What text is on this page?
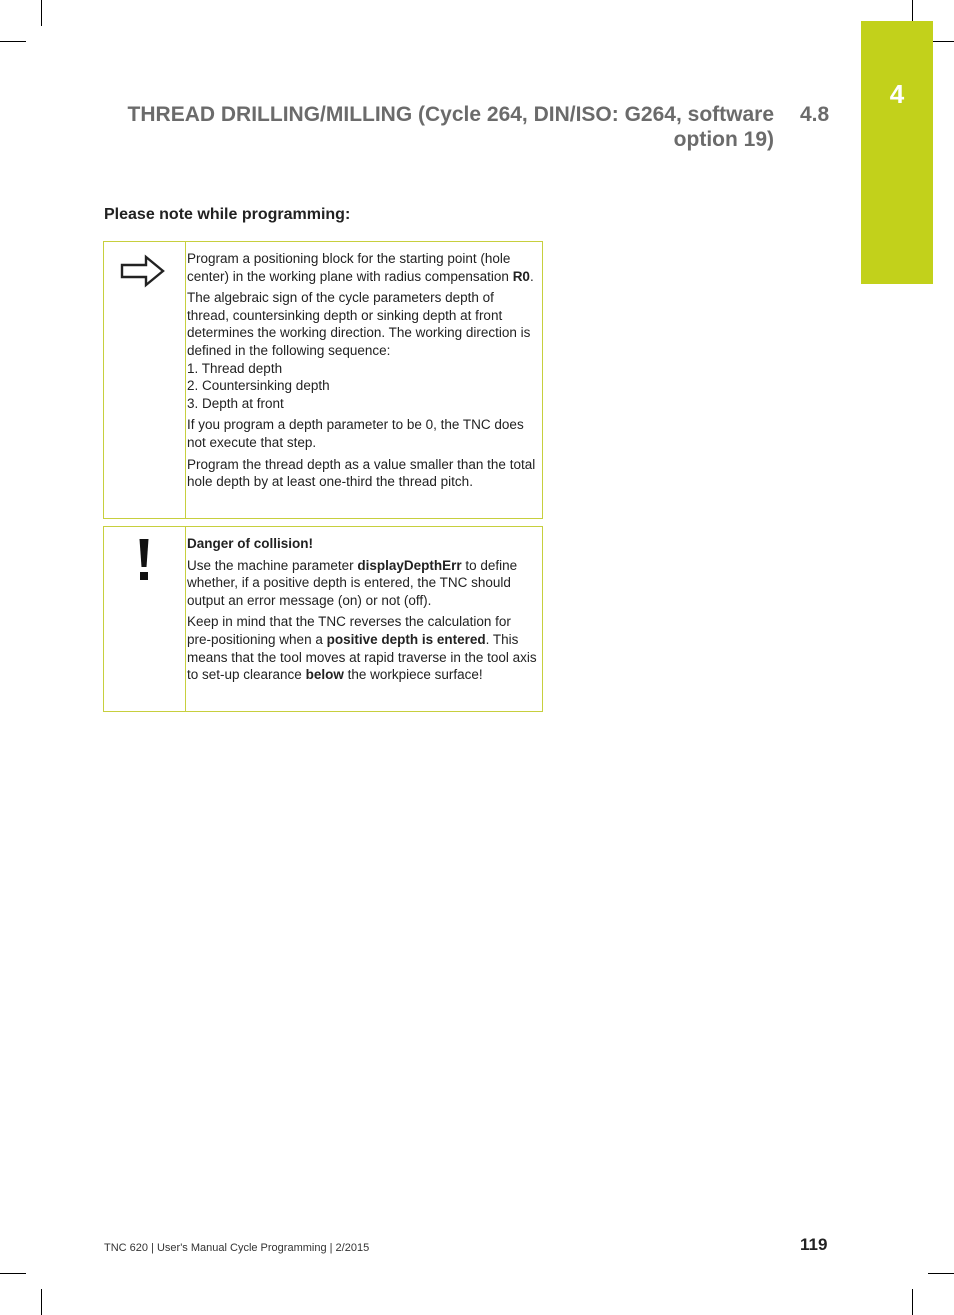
4
THREAD DRILLING/MILLING (Cycle 264, DIN/ISO: G264, software
option 19)
4.8
Please note while programming:

Program a positioning block for the starting point (hole center) in the working plane with radius compensation R0.

The algebraic sign of the cycle parameters depth of thread, countersinking depth or sinking depth at front determines the working direction. The working direction is defined in the following sequence:
1. Thread depth
2. Countersinking depth
3. Depth at front

If you program a depth parameter to be 0, the TNC does not execute that step.

Program the thread depth as a value smaller than the total hole depth by at least one-third the thread pitch.

Danger of collision!

Use the machine parameter displayDepthErr to define whether, if a positive depth is entered, the TNC should output an error message (on) or not (off).

Keep in mind that the TNC reverses the calculation for pre-positioning when a positive depth is entered. This means that the tool moves at rapid traverse in the tool axis to set-up clearance below the workpiece surface!

TNC 620 | User's Manual Cycle Programming | 2/2015	119
